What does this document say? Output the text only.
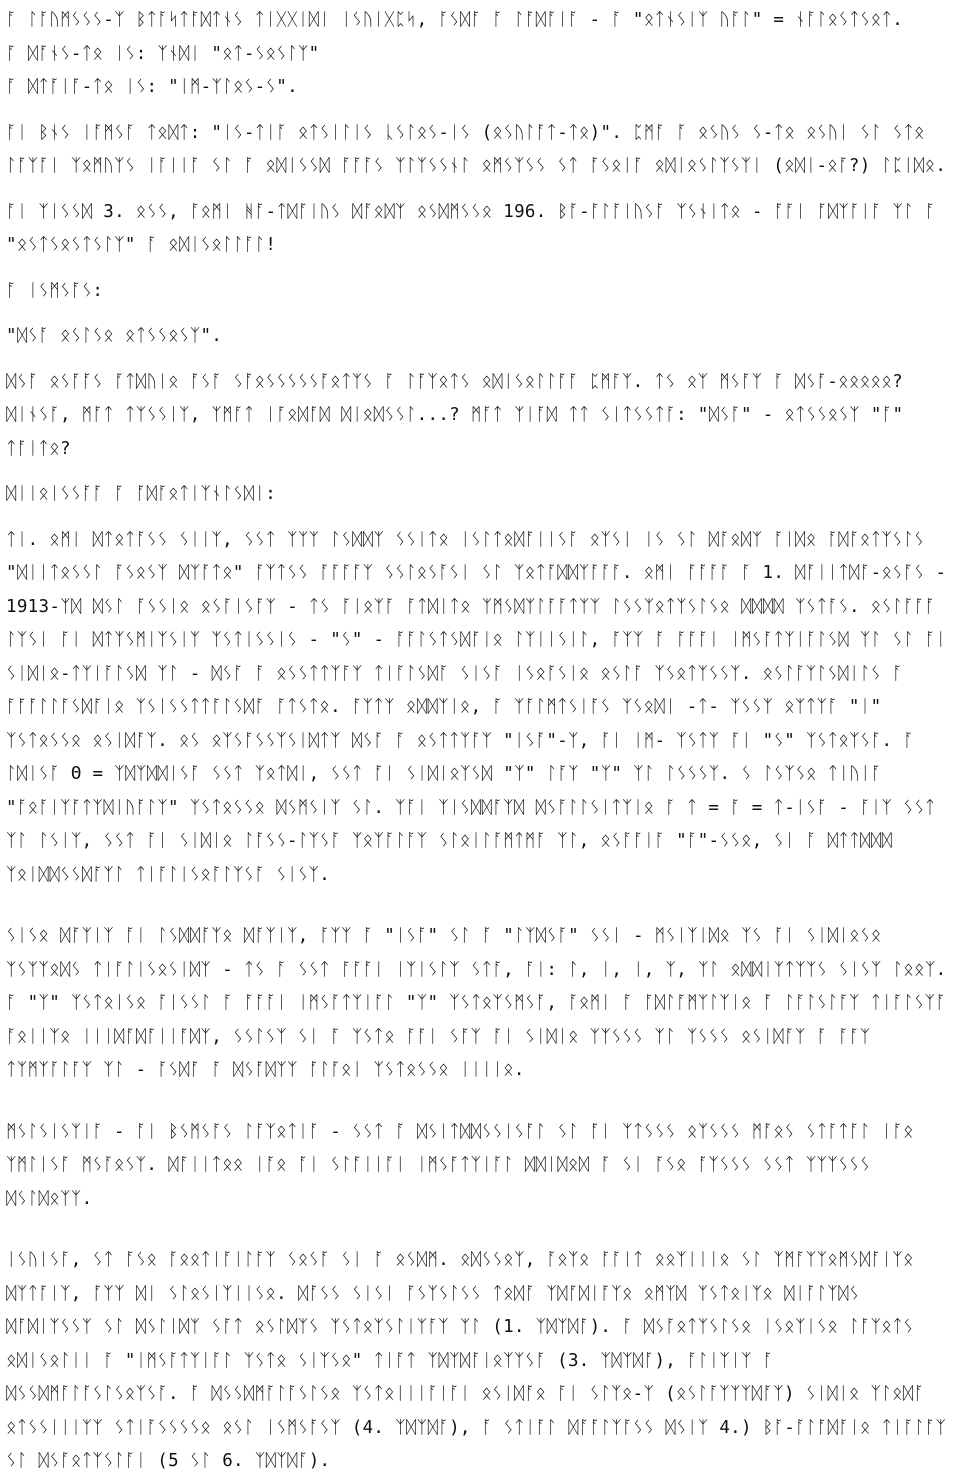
ᚪ ᛚᚪᚢᛗᛊᛊᛊ-ᛉ ᛒᛏᚪᛋᛏᚪᛞᛏᚾᛊ ᛏᛁᚷᚷᛁᛞᛁ ᛁᛊᚢᛁᚷᛈᛋ, ᚪᛊᛞᚪ ᚪ ᛚᚪᛞᚪᛁᚪ - ᚪ "ᛟᛏᚾᛊᛁᛉ ᚢᚪᛚ" = ᚾᚪᛚᛟᛊᛏᛊᛟᛏ.
ᚪ ᛞᚪᚾᛊ-ᛏᛟ ᛁᛊ: ᛉᚾᛞᛁ "ᛟᛏ-ᛊᛟᛊᛚᛉ"
ᚪ ᛞᛏᚪᛁᚪ-ᛏᛟ ᛁᛊ: "ᛁᛗ-ᛉᛚᛟᛊ-ᛊ".

ᚪᛁ ᛒᚾᛊ ᛁᚪᛗᛊᚪ ᛏᛟᛞᛏ: "ᛁᛊ-ᛏᛁᚪ ᛟᛏᛊᛁᛚᛁᛊ ᚳᛊᛚᛟᛊ-ᛁᛊ (ᛟᛊᚢᛚᚪᛏ-ᛏᛟ)". ᛈᛗᚪ ᚪ ᛟᛊᚢᛊ ᛊ-ᛏᛟ ᛟᛊᚢᛁ ᛊᛚ ᛊᛏᛟ ᛚᚪᛉᚪᛁ ᛉᛟᛗᚢᛉᛊ ᛁᚪᛁᛁᚪ ᛊᛚ ᚪ ᛟᛞᛁᛊᛊᛞ ᚪᚪᚪᛊ ᛉᛚᛉᛊᛊᚾᛚ ᛟᛗᛊᛉᛊᛊ ᛊᛏ ᚪᛊᛟᛁᚪ ᛟᛞᛁᛟᛊᛚᛉᛊᛉᛁ (ᛟᛞᛁ-ᛟᚪ?) ᛚᛈᛁᛞᛟ.

ᚪᛁ ᛉᛁᛊᛊᛞ 3. ᛟᛊᛊ, ᚪᛟᛗᛁ ᚻᚪ-ᛏᛞᚪᛁᚢᛊ ᛞᚪᛟᛞᛉ ᛟᛊᛞᛗᛊᛊᛟ 196. ᛒᚪ-ᚪᛚᚪᛁᚢᛊᚪ ᛉᛊᚾᛁᛏᛟ - ᚪᚪᛁ ᚪᛞᛉᚪᛁᚪ ᛉᛚ ᚪ "ᛟᛊᛏᛊᛟᛊᛏᛊᛚᛉ" ᚪ ᛟᛞᛁᛊᛟᛚᛚᚪᛚ!

ᚪ ᛁᛊᛗᛊᚪᛊ:

"ᛞᛊᚪ ᛟᛊᛚᛊᛟ ᛟᛏᛊᛊᛟᛊᛉ".

ᛞᛊᚪ ᛟᛊᚪᚪᛊ ᚪᛏᛞᚢᛁᛟ ᚪᛊᚪ ᛊᚪᛟᛊᛊᛊᛊᛊᚪᛟᛏᛉᛊ ᚪ ᛚᚪᛉᛟᛏᛊ ᛟᛞᛁᛊᛟᛚᛚᚪᚪ ᛈᛗᚪᛉ. ᛏᛊ ᛟᛉ ᛗᛊᚪᛉ ᚪ ᛞᛊᚪ-ᛟᛟᛟᛟᛟ? ᛞᛁᚾᛊᚪ, ᛗᚪᛏ ᛏᛉᛊᛊᛁᛉ, ᛉᛗᚪᛏ ᛁᚪᛟᛞᚪᛞ ᛞᛁᛟᛞᛊᛊᛚ...? ᛗᚪᛏ ᛉᛁᚪᛞ ᛏᛏ ᛊᛁᛏᛊᛊᛏᚪ: "ᛞᛊᚪ" - ᛟᛏᛊᛊᛟᛊᛉ "ᚪ" ᛏᚪᛁᛏᛟ?

ᛞᛁᛁᛟᛁᛊᛊᚪᚪ ᚪ ᚪᛞᚪᛟᛏᛁᛉᚾᛚᛊᛞᛁ:

ᛏᛁ. ᛟᛗᛁ ᛞᛏᛟᛏᚪᛊᛊ ᛊᛁᛁᛉ, ᛊᛊᛏ ᛉᛉᛉ ᛚᛊᛞᛞᛉ ᛊᛊᛁᛏᛟ ᛁᛊᛚᛏᛟᛞᚪᛁᛁᛊᚪ ᛟᛉᛊᛁ ᛁᛊ ᛊᛚ ᛞᚪᛟᛞᛉ ᚪᛁᛞᛟ ᚪᛞᚪᛟᛏᛉᛊᛚᛊ "ᛞᛁᛁᛏᛟᛊᛊᛚ ᚪᛊᛟᛊᛉ ᛞᛉᚪᛏᛟ" ᚪᛉᛏᛊᛊ ᚪᚪᚪᚪᛉ ᛊᛊᛚᛟᛊᚪᛊᛁ ᛊᛚ ᛉᛟᛏᚪᛞᛞᛉᚪᚪᚪ. ᛟᛗᛁ ᚪᚪᚪᚪ ᚪ 1. ᛞᚪᛁᛁᛏᛞᚪ-ᛟᛊᚪᛊ - 1913-ᛉᛞ ᛞᛊᛚ ᚪᛊᛊᛁᛟ ᛟᛊᚪᛁᛊᚪᛉ - ᛏᛊ ᚪᛁᛟᛉᚪ ᚪᛏᛞᛁᛏᛟ ᛉᛗᛊᛞᛉᛚᚪᚪᛏᛉᛉ ᛚᛊᛊᛉᛟᛏᛉᛊᛚᛊᛟ ᛞᛞᛞᛞ ᛉᛊᛏᚪᛊ. ᛟᛊᛚᚪᚪᚪ ᛚᛉᛊᛁ ᚪᛁ ᛞᛏᛉᛊᛗᛁᛉᛊᛁᛉ ᛉᛊᛏᛁᛊᛊᛁᛊ - "ᛊ" - ᚪᚪᛚᛊᛏᛊᛞᚪᛁᛟ ᛚᛉᛁᛁᛊᛁᛚ, ᚪᛉᛉ ᚪ ᚪᚪᚪᛁ ᛁᛗᛊᚪᛏᛉᛁᚪᛚᛊᛞ ᛉᛚ ᛊᛚ ᚪᛁ ᛊᛁᛞᛁᛟ-ᛏᛉᛁᚪᛚᛊᛞ ᛉᛚ - ᛞᛊᚪ ᚪ ᛟᛊᛊᛏᛏᛉᚪᛉ ᛏᛁᚪᛚᛊᛞᚪ ᛊᛁᛊᚪ ᛁᛊᛟᚪᛊᛁᛟ ᛟᛊᛚᚪ ᛉᛊᛟᛏᛉᛊᛊᛉ. ᛟᛊᛚᚪᛉᛚᛊᛞᛁᛚᛊ ᚪ ᚪᚪᚪᛚᛚᚪᛊᛞᚪᛁᛟ ᛉᛊᛁᛊᛊᛏᛏᚪᛚᛊᛞᚪ ᚪᛏᛊᛏᛟ. ᚪᛉᛏᛉ ᛟᛞᛞᛉᛁᛟ, ᚪ ᛉᚪᛚᛗᛏᛊᛁᚪᛊ ᛉᛊᛟᛞᛁ -ᛏ- ᛉᛊᛊᛉ ᛟᛉᛏᛉᚪ "ᛁ" ᛉᛊᛏᛟᛊᛊᛟ ᛟᛊᛁᛞᚪᛉ. ᛟᛊ ᛟᛉᛊᚪᛊᛊᛉᛊᛁᛞᛏᛉ ᛞᛊᚪ ᚪ ᛟᛊᛏᛏᛉᚪᛉ "ᛁᛊᚪ"-ᛉ, ᚪᛁ ᛁᛗ- ᛉᛊᛏᛉ ᚪᛁ "ᛊ" ᛉᛊᛏᛟᛉᛊᚪ. ᚪ ᛚᛞᛁᛊᚪ Θ = ᛉᛞᛉᛞᛞᛁᛊᚪ ᛊᛊᛏ ᛉᛟᛏᛞᛁ, ᛊᛊᛏ ᚪᛁ ᛊᛁᛞᛁᛟᛉᛊᛞ "ᛉ" ᛚᚪᛉ "ᛉ" ᛉᛚ ᛚᛊᛊᛊᛉ. ᛊ ᛚᛊᛉᛊᛟ ᛏᛁᚢᛁᚪ "ᚪᛟᚪᛁᛉᚪᛏᛉᛞᛁᚢᚪᛚᛉ" ᛉᛊᛏᛟᛊᛊᛟ ᛞᛊᛗᛊᛁᛉ ᛊᛚ. ᛉᚪᛁ ᛉᛁᛊᛞᛞᚪᛉᛞ ᛞᛊᚪᛚᛚᛊᛁᛏᛉᛁᛟ ᚪ ᛏ = ᚪ = ᛏ-ᛁᛊᚪ - ᚪᛁᛉ ᛊᛊᛏ ᛉᛚ ᛚᛊᛁᛉ, ᛊᛊᛏ ᚪᛁ ᛊᛁᛞᛁᛟ ᛚᚪᛊᛊ-ᛚᛉᛊᚪ ᛉᛟᛉᚪᛚᚪᛉ ᛊᛚᛟᛁᛚᚪᛗᛏᛗᚪ ᛉᛚ, ᛟᛊᚪᚪᛁᚪ "ᚪ"-ᛊᛊᛟ, ᛊᛁ ᚪ ᛞᛏᛏᛞᛞᛞ ᛉᛟᛁᛞᛞᛊᛊᛞᚪᛉᛚ ᛏᛁᚪᛚᛁᛊᛟᚪᛚᛉᛊᚪ ᛊᛁᛊᛉ.

ᛊᛁᛊᛟ ᛞᚪᛉᛁᛉ ᚪᛁ ᛚᛊᛞᛞᚪᛉᛟ ᛞᚪᛉᛁᛉ, ᚪᛉᛉ ᚪ "ᛁᛊᚪ" ᛊᛚ ᚪ "ᛚᛉᛞᛊᚪ" ᛊᛊᛁ - ᛗᛊᛁᛉᛁᛞᛟ ᛉᛊ ᚪᛁ ᛊᛁᛞᛁᛟᛊᛟ ᛉᛊᛉᛉᛟᛞᛊ ᛏᛁᚪᛚᛁᛊᛟᛊᛁᛞᛉ - ᛏᛊ ᚪ ᛊᛊᛏ ᚪᚪᚪᛁ ᛁᛉᛁᛊᛚᛉ ᛊᛏᚪ, ᚪᛁ: ᛚ, ᛁ, ᛁ, ᛉ, ᛉᛚ ᛟᛞᛞᛁᛉᛏᛉᛉᛊ ᛊᛁᛊᛉ ᛚᛟᛟᛉ. ᚪ "ᛉ" ᛉᛊᛏᛟᛁᛊᛟ ᚪᛁᛊᛊᛚ ᚪ ᚪᚪᚪᛁ ᛁᛗᛊᚪᛏᛉᛁᚪᛚ "ᛉ" ᛉᛊᛏᛟᛉᛊᛗᛊᚪ, ᚪᛟᛗᛁ ᚪ ᚪᛞᛚᚪᛗᛉᛚᛉᛁᛟ ᚪ ᛚᚪᛚᛊᛚᚪᛉ ᛏᛁᚪᛚᛊᛉᚪ ᚪᛟᛁᛁᛉᛟ ᛁᛁᛁᛞᚪᛞᚪᛁᛁᚪᛞᛉ, ᛊᛊᛚᛊᛉ ᛊᛁ ᚪ ᛉᛊᛏᛟ ᚪᚪᛁ ᛊᚪᛉ ᚪᛁ ᛊᛁᛞᛁᛟ ᛉᛉᛊᛊᛊ ᛉᛚ ᛉᛊᛊᛊ ᛟᛊᛁᛞᚪᛉ ᚪ ᚪᚪᛉ ᛏᛉᛗᛉᚪᛚᚪᛉ ᛉᛚ - ᚪᛊᛞᚪ ᚪ ᛞᛊᚪᛞᛉᛉ ᚪᛚᚪᛟᛁ ᛉᛊᛏᛟᛊᛊᛟ ᛁᛁᛁᛁᛟ.

ᛗᛊᛚᛊᛁᛊᛉᛁᚪ - ᚪᛁ ᛒᛊᛗᛊᚪᛊ ᛚᚪᛉᛟᛏᛁᚪ - ᛊᛊᛏ ᚪ ᛞᛊᛁᛏᛞᛞᛊᛊᛁᛊᚪᛚ ᛊᛚ ᚪᛁ ᛉᛏᛊᛊᛊ ᛟᛉᛊᛊᛊ ᛗᚪᛟᛊ ᛊᛏᚪᛏᚪᛚ ᛁᚪᛟ ᛉᛗᛚᛁᛊᚪ ᛗᛊᚪᛟᛊᛉ. ᛞᚪᛁᛁᛏᛟᛟ ᛁᚪᛟ ᚪᛁ ᛊᛚᚪᛁᛁᚪᛁ ᛁᛗᛊᚪᛏᛉᛁᚪᛚ ᛞᛞᛁᛞᛟᛞ ᚪ ᛊᛁ ᚪᛊᛟ ᚪᛉᛊᛊᛊ ᛊᛊᛏ ᛉᛉᛉᛊᛊᛊ ᛞᛊᛚᛞᛟᛉᛉ.

ᛁᛊᚢᛁᛊᚪ, ᛊᛏ ᚪᛊᛟ ᚪᛟᛟᛏᛁᚪᛁᛚᚪᛉ ᛊᛟᛊᚪ ᛊᛁ ᚪ ᛟᛊᛞᛗ. ᛟᛞᛊᛊᛟᛉ, ᚪᛟᛉᛟ ᚪᚪᛁᛏ ᛟᛟᛉᛁᛁᛁᛟ ᛊᛚ ᛉᛗᚪᛉᛉᛟᛗᛊᛞᚪᛁᛉᛟ ᛞᛉᛏᚪᛁᛉ, ᚪᛉᛉ ᛞᛁ ᛊᛚᛟᛊᛁᛉᛁᛁᛊᛟ. ᛞᚪᛊᛊ ᛊᛁᛊᛁ ᚪᛊᛉᛊᛚᛊᛊ ᛏᛟᛞᚪ ᛉᛞᚪᛞᛁᚪᛉᛟ ᛟᛗᛉᛞ ᛉᛊᛏᛟᛁᛉᛟ ᛞᛁᚪᛚᛉᛞᛊ ᛞᚪᛞᛁᛉᛊᛊᛉ ᛊᛚ ᛞᛊᛚᛁᛞᛉ ᛊᚪᛏ ᛟᛊᛚᛞᛉᛊ ᛉᛊᛏᛟᛉᛊᛚᛁᛉᚪᛉ ᛉᛚ (1. ᛉᛞᛉᛞᚪ). ᚪ ᛞᛊᚪᛟᛏᛉᛊᛚᛊᛟ ᛁᛊᛟᛉᛁᛊᛟ ᛚᚪᛉᛟᛏᛊ ᛟᛞᛁᛊᛟᛚᛁᛁ ᚪ "ᛁᛗᛊᚪᛏᛉᛁᚪᛚ ᛉᛊᛏᛟ ᛊᛁᛉᛊᛟ" ᛏᛁᚪᛏ ᛉᛞᛉᛞᚪᛁᛟᛉᛉᛊᚪ (3. ᛉᛞᛉᛞᚪ), ᚪᛚᛁᛉᛁᛉ ᚪ ᛞᛊᛊᛞᛗᚪᛚᚪᛊᛚᛊᛟᛉᛊᚪ. ᚪ ᛞᛊᛊᛞᛗᚪᛚᚪᛊᛚᛊᛟ ᛉᛊᛏᛟᛁᛁᛁᚪᛁᚪᛁ ᛟᛊᛁᛞᚪᛟ ᚪᛁ ᛊᛚᛉᛟ-ᛉ (ᛟᛊᛚᚪᛉᛉᛉᛞᚪᛉ) ᛊᛁᛞᛁᛟ ᛉᛚᛟᛞᚪ ᛟᛏᛊᛊᛁᛁᛁᛉᛉ ᛊᛏᛁᚪᛊᛊᛊᛊᛟ ᛟᛊᛚ ᛁᛊᛗᛊᚪᛊᛉ (4. ᛉᛞᛉᛞᚪ), ᚪ ᛊᛏᛁᚪᛚ ᛞᚪᚪᛚᛉᚪᛊᛊ ᛞᛊᛁᛉ 4.) ᛒᚪ-ᚪᛚᚪᛞᚪᛁᛟ ᛏᛁᚪᛚᚪᛉ ᛊᛚ ᛞᛊᚪᛟᛏᛉᛊᛚᚪᛁ (5 ᛊᛚ 6. ᛉᛞᛉᛞᚪ).
